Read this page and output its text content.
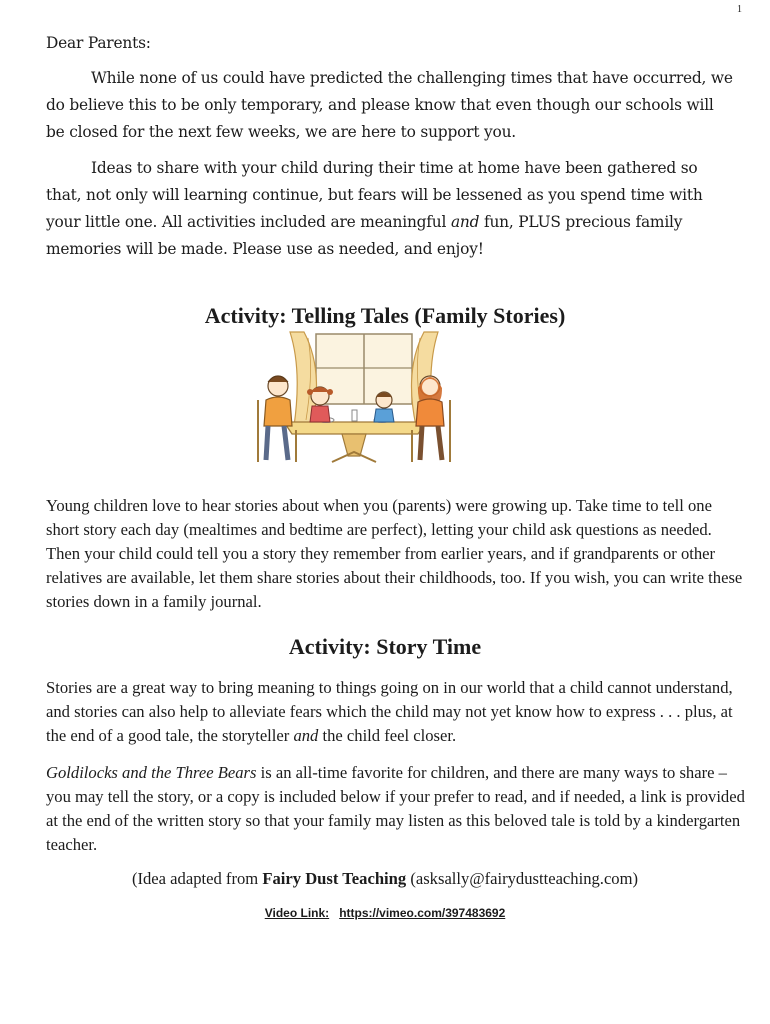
1

Dear Parents:

While none of us could have predicted the challenging times that have occurred, we do believe this to be only temporary, and please know that even though our schools will be closed for the next few weeks, we are here to support you.

Ideas to share with your child during their time at home have been gathered so that, not only will learning continue, but fears will be lessened as you spend time with your little one. All activities included are meaningful and fun, PLUS precious family memories will be made. Please use as needed, and enjoy!

Activity: Telling Tales (Family Stories)

Young children love to hear stories about when you (parents) were growing up. Take time to tell one short story each day (mealtimes and bedtime are perfect), letting your child ask questions as needed. Then your child could tell you a story they remember from earlier years, and if grandparents or other relatives are available, let them share stories about their childhoods, too. If you wish, you can write these stories down in a family journal.

Activity: Story Time

Stories are a great way to bring meaning to things going on in our world that a child cannot understand, and stories can also help to alleviate fears which the child may not yet know how to express . . . plus, at the end of a good tale, the storyteller and the child feel closer.

Goldilocks and the Three Bears is an all-time favorite for children, and there are many ways to share – you may tell the story, or a copy is included below if your prefer to read, and if needed, a link is provided at the end of the written story so that your family may listen as this beloved tale is told by a kindergarten teacher.

(Idea adapted from Fairy Dust Teaching (asksally@fairydustteaching.com)
Video Link: https://vimeo.com/397483692
